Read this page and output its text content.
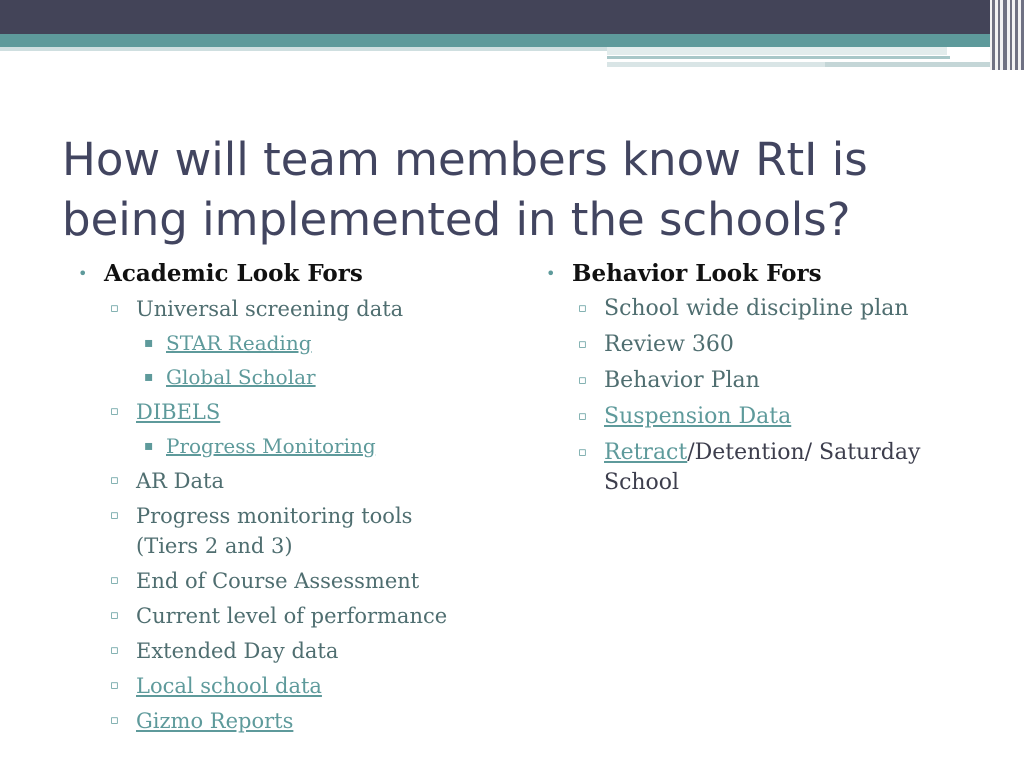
How will team members know RtI is
being implemented in the schools?
• Academic Look Fors
▫ Universal screening data
▪ STAR Reading
▪ Global Scholar
▫ DIBELS
▪ Progress Monitoring
▫ AR Data
▫ Progress monitoring tools
(Tiers 2 and 3)
▫ End of Course Assessment
▫ Current level of performance
▫ Extended Day data
▫ Local school data
▫ Gizmo Reports
• Behavior Look Fors
▫ School wide discipline plan
▫ Review 360
▫ Behavior Plan
▫ Suspension Data
▫ Retract/Detention/ Saturday
School
